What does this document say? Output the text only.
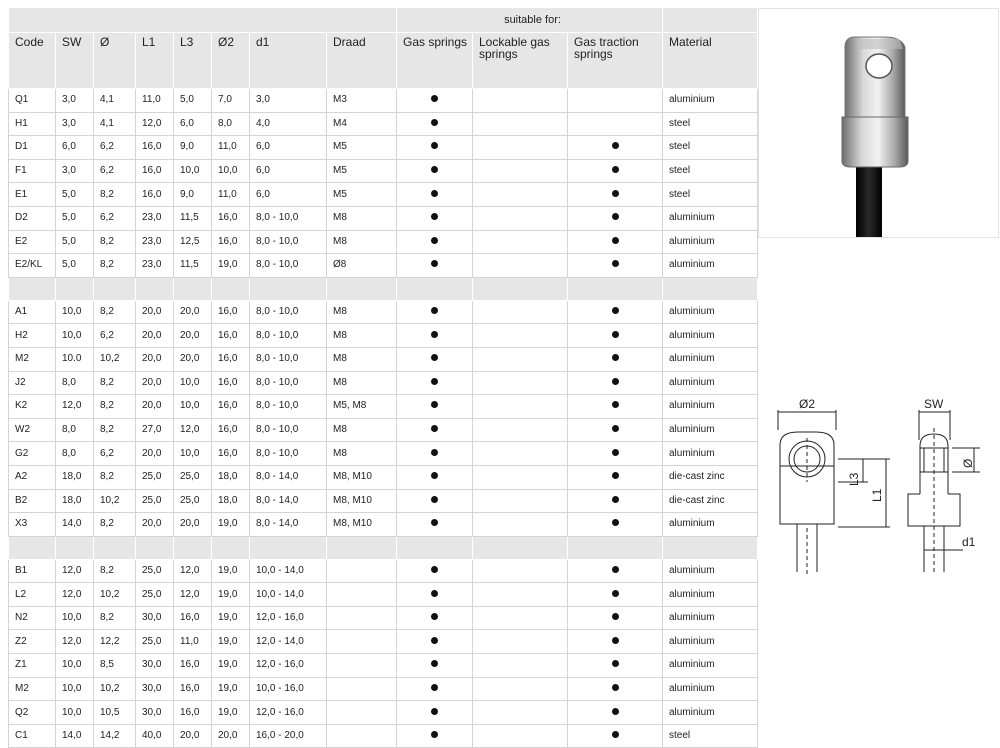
								suitable for:			
Code	SW	Ø	L1	L3	Ø2	d1	Draad	Gas springs	Lockable gas springs	Gas traction springs	Material
Q1	3,0	4,1	11,0	5,0	7,0	3,0	M3				aluminium
H1	3,0	4,1	12,0	6,0	8,0	4,0	M4				steel
D1	6,0	6,2	16,0	9,0	11,0	6,0	M5				steel
F1	3,0	6,2	16,0	10,0	10,0	6,0	M5				steel
E1	5,0	8,2	16,0	9,0	11,0	6,0	M5				steel
D2	5,0	6,2	23,0	11,5	16,0	8,0 - 10,0	M8				aluminium
E2	5,0	8,2	23,0	12,5	16,0	8,0 - 10,0	M8				aluminium
E2/KL	5,0	8,2	23,0	11,5	19,0	8,0 - 10,0	Ø8				aluminium

A1	10,0	8,2	20,0	20,0	16,0	8,0 - 10,0	M8				aluminium
H2	10,0	6,2	20,0	20,0	16,0	8,0 - 10,0	M8				aluminium
M2	10.0	10,2	20,0	20,0	16,0	8,0 - 10,0	M8				aluminium
J2	8,0	8,2	20,0	10,0	16,0	8,0 - 10,0	M8				aluminium
K2	12,0	8,2	20,0	10,0	16,0	8,0 - 10,0	M5, M8				aluminium
W2	8,0	8,2	27,0	12,0	16,0	8,0 - 10,0	M8				aluminium
G2	8,0	6,2	20,0	10,0	16,0	8,0 - 10,0	M8				aluminium
A2	18,0	8,2	25,0	25,0	18,0	8,0 - 14,0	M8, M10				die-cast zinc
B2	18,0	10,2	25,0	25,0	18,0	8,0 - 14,0	M8, M10				die-cast zinc
X3	14,0	8,2	20,0	20,0	19,0	8,0 - 14,0	M8, M10				aluminium

B1	12,0	8,2	25,0	12,0	19,0	10,0 - 14,0					aluminium
L2	12,0	10,2	25,0	12,0	19,0	10,0 - 14,0					aluminium
N2	10,0	8,2	30,0	16,0	19,0	12,0 - 16,0					aluminium
Z2	12,0	12,2	25,0	11,0	19,0	12,0 - 14,0					aluminium
Z1	10,0	8,5	30,0	16,0	19,0	12,0 - 16,0					aluminium
M2	10,0	10,2	30,0	16,0	19,0	10,0 - 16,0					aluminium
Q2	10,0	10,5	30,0	16,0	19,0	12,0 - 16,0					aluminium
C1	14,0	14,2	40,0	20,0	20,0	16,0 - 20,0					steel
Ø2
L3
L1
SW
Ø
d1
